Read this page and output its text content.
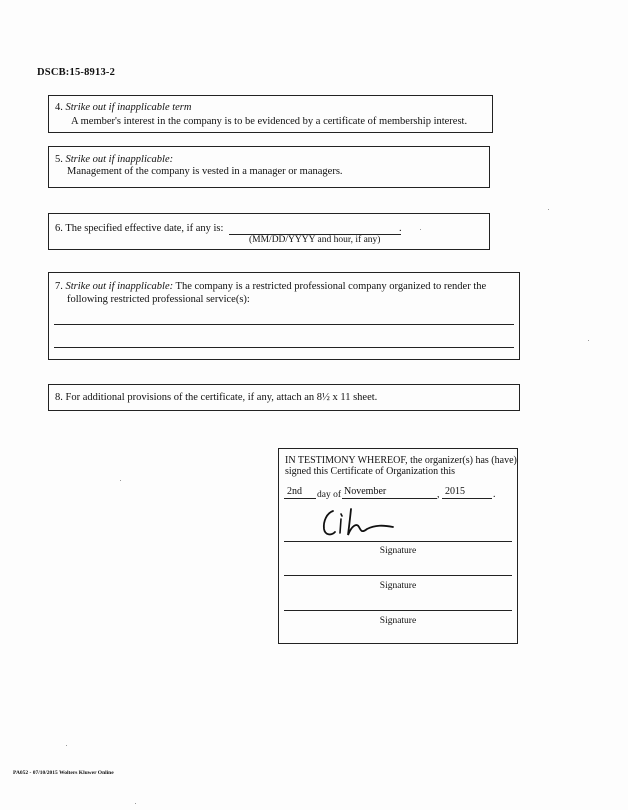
DSCB:15-8913-2
4. Strike out if inapplicable term
A member's interest in the company is to be evidenced by a certificate of membership interest.
5. Strike out if inapplicable:
Management of the company is vested in a manager or managers.
6. The specified effective date, if any is:	.
(MM/DD/YYYY and hour, if any)
7. Strike out if inapplicable: The company is a restricted professional company organized to render the
following restricted professional service(s):
8. For additional provisions of the certificate, if any, attach an 8½ x 11 sheet.
IN TESTIMONY WHEREOF, the organizer(s) has (have)
signed this Certificate of Organization this
2nd day of November	, 2015	.
Signature
Signature
Signature
PA052 - 07/10/2015 Wolters Kluwer Online
